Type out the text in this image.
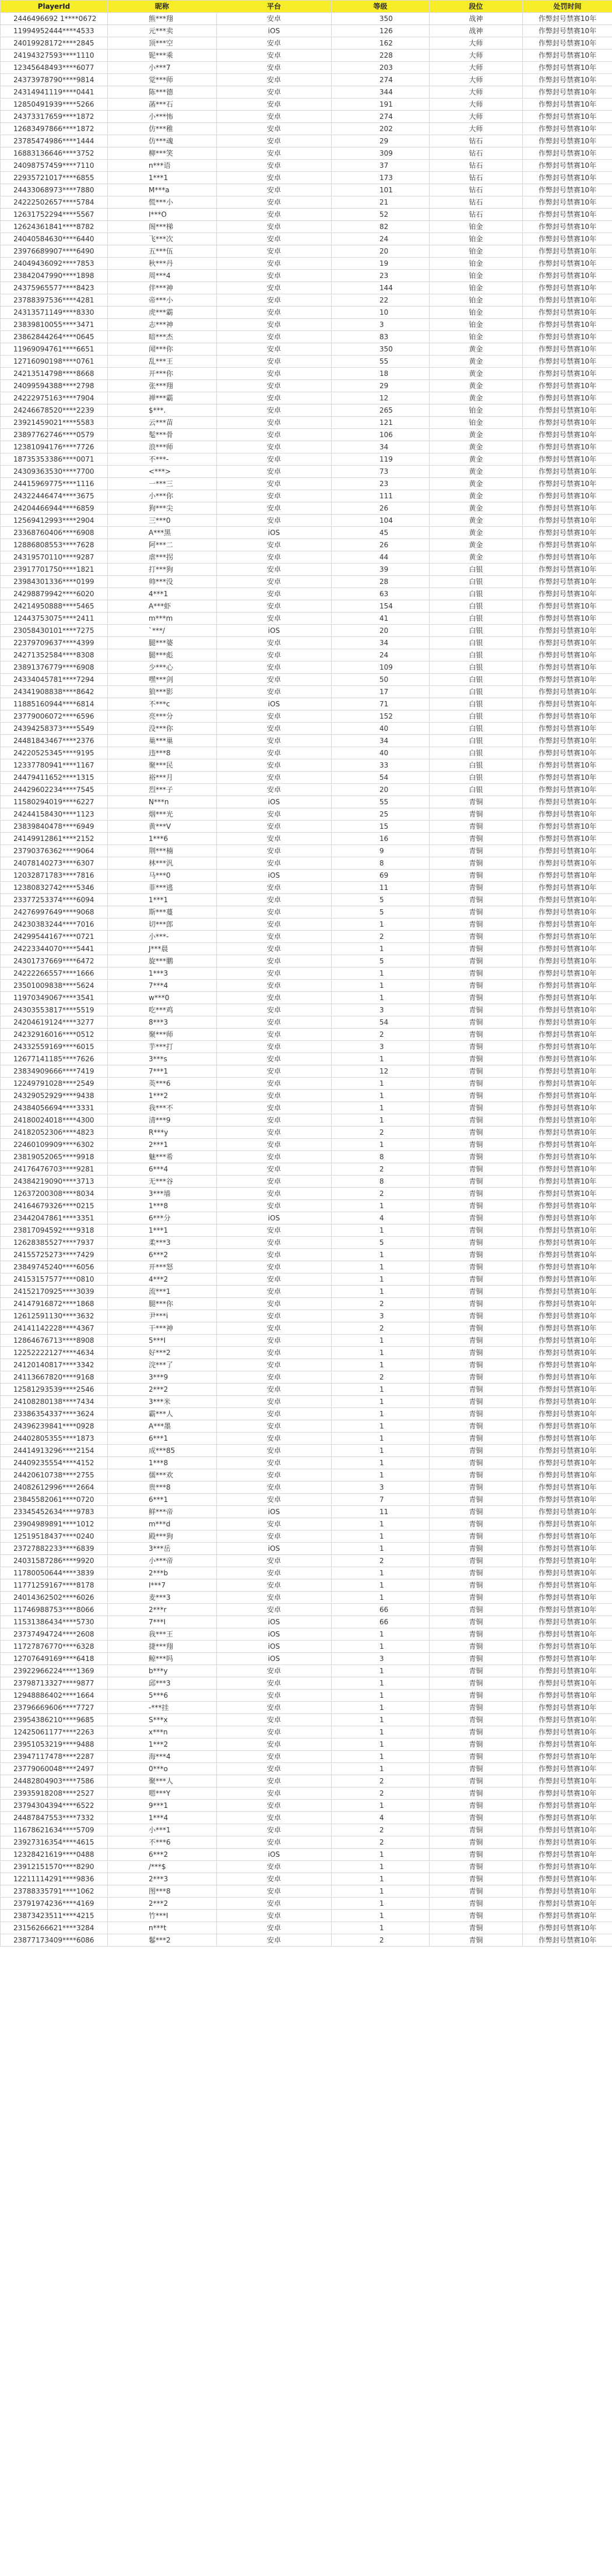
PlayerId	昵称	平台	等级	段位	处罚时间
2446496692 1****0672	熊***翔	安卓	350	战神	作弊封号禁赛10年
11994952444****4533	元***卖	iOS	126	战神	作弊封号禁赛10年
24019928172****2845	顶***空	安卓	162	大师	作弊封号禁赛10年
24194327593****1110	铌***乘	安卓	228	大师	作弊封号禁赛10年
12345648493****6077	小***7	安卓	203	大师	作弊封号禁赛10年
24373978790****9814	觉***师	安卓	274	大师	作弊封号禁赛10年
24314941119****0441	陈***德	安卓	344	大师	作弊封号禁赛10年
12850491939****5266	菡***石	安卓	191	大师	作弊封号禁赛10年
24373317659****1872	小***怖	安卓	274	大师	作弊封号禁赛10年
12683497866****1872	仿***稚	安卓	202	大师	作弊封号禁赛10年
23785474986****1444	仿***魂	安卓	29	钻石	作弊封号禁赛10年
16883136646****3752	柳***笑	安卓	309	钻石	作弊封号禁赛10年
24098757459****7110	n***语	安卓	37	钻石	作弊封号禁赛10年
22935721017****6855	1***1	安卓	173	钻石	作弊封号禁赛10年
24433068973****7880	M***a	安卓	101	钻石	作弊封号禁赛10年
24222502657****5784	慌***小	安卓	21	钻石	作弊封号禁赛10年
12631752294****5567	I***O	安卓	52	钻石	作弊封号禁赛10年
12624361841****8782	阁***梯	安卓	82	铂金	作弊封号禁赛10年
24040584630****6440	飞***次	安卓	24	铂金	作弊封号禁赛10年
23976689907****6490	五***伍	安卓	20	铂金	作弊封号禁赛10年
24049436092****7853	秋***丹	安卓	19	铂金	作弊封号禁赛10年
23842047990****1898	周***4	安卓	23	铂金	作弊封号禁赛10年
24375965577****8423	伴***神	安卓	144	铂金	作弊封号禁赛10年
23788397536****4281	帝***小	安卓	22	铂金	作弊封号禁赛10年
24313571149****8330	虎***霸	安卓	10	铂金	作弊封号禁赛10年
23839810055****3471	志***神	安卓	3	铂金	作弊封号禁赛10年
23862844264****0645	暗***杰	安卓	83	铂金	作弊封号禁赛10年
11969094761****6651	闻***你	安卓	350	黄金	作弊封号禁赛10年
12716090198****0761	乱***王	安卓	55	黄金	作弊封号禁赛10年
24213514798****8668	开***你	安卓	18	黄金	作弊封号禁赛10年
24099594388****2798	张***翔	安卓	29	黄金	作弊封号禁赛10年
24222975163****7904	禅***霸	安卓	12	黄金	作弊封号禁赛10年
24246678520****2239	$***.	安卓	265	铂金	作弊封号禁赛10年
23921459021****5583	云***苗	安卓	121	铂金	作弊封号禁赛10年
23897762746****0579	髦***骨	安卓	106	黄金	作弊封号禁赛10年
12381094176****7726	浪***师	安卓	34	黄金	作弊封号禁赛10年
18735353386****0071	不***-	安卓	119	黄金	作弊封号禁赛10年
24309363530****7700	<***>	安卓	73	黄金	作弊封号禁赛10年
24415969775****1116	一***三	安卓	23	黄金	作弊封号禁赛10年
24322446474****3675	小***你	安卓	111	黄金	作弊封号禁赛10年
24204466944****6859	狗***尖	安卓	26	黄金	作弊封号禁赛10年
12569412993****2904	三***0	安卓	104	黄金	作弊封号禁赛10年
23368760406****6908	A***黑	iOS	45	黄金	作弊封号禁赛10年
12886808553****7628	阿***二	安卓	26	黄金	作弊封号禁赛10年
24319570110****9287	虐***拐	安卓	44	黄金	作弊封号禁赛10年
23917701750****1821	打***狗	安卓	39	白银	作弊封号禁赛10年
23984301336****0199	帅***没	安卓	28	白银	作弊封号禁赛10年
24298879942****6020	4***1	安卓	63	白银	作弊封号禁赛10年
24214950888****5465	A***虾	安卓	154	白银	作弊封号禁赛10年
12443753075****2411	m***m	安卓	41	白银	作弊封号禁赛10年
23058430101****7275	`***/	iOS	20	白银	作弊封号禁赛10年
22379709637****4399	腿***婆	安卓	34	白银	作弊封号禁赛10年
24271352584****8308	腿***彪	安卓	24	白银	作弊封号禁赛10年
23891376779****6908	少***心	安卓	109	白银	作弊封号禁赛10年
24334045781****7294	嘿***剑	安卓	50	白银	作弊封号禁赛10年
24341908838****8642	狼***影	安卓	17	白银	作弊封号禁赛10年
11885160944****6814	不***c	iOS	71	白银	作弊封号禁赛10年
23779006072****6596	亮***分	安卓	152	白银	作弊封号禁赛10年
24394258373****5549	没***你	安卓	40	白银	作弊封号禁赛10年
24481843467****2376	巢***巢	安卓	34	白银	作弊封号禁赛10年
24220525345****9195	违***8	安卓	40	白银	作弊封号禁赛10年
12337780941****1167	聚***民	安卓	33	白银	作弊封号禁赛10年
24479411652****1315	裕***月	安卓	54	白银	作弊封号禁赛10年
24429602234****7545	烈***子	安卓	20	白银	作弊封号禁赛10年
11580294019****6227	N***n	iOS	55	青铜	作弊封号禁赛10年
24244158430****1123	烟***光	安卓	25	青铜	作弊封号禁赛10年
23839840478****6949	黄***V	安卓	15	青铜	作弊封号禁赛10年
24149912861****2152	1***6	安卓	16	青铜	作弊封号禁赛10年
23790376362****9064	荆***楠	安卓	9	青铜	作弊封号禁赛10年
24078140273****6307	林***汎	安卓	8	青铜	作弊封号禁赛10年
12032871783****7816	马***0	iOS	69	青铜	作弊封号禁赛10年
12380832742****5346	菲***逃	安卓	11	青铜	作弊封号禁赛10年
23377253374****6094	1***1	安卓	5	青铜	作弊封号禁赛10年
24276997649****9068	斯***蔓	安卓	5	青铜	作弊封号禁赛10年
24230383244****7016	切***郎	安卓	1	青铜	作弊封号禁赛10年
24299544167****0721	小***-	安卓	2	青铜	作弊封号禁赛10年
24223344070****5441	J***晨	安卓	1	青铜	作弊封号禁赛10年
24301737669****6472	旋***鹏	安卓	5	青铜	作弊封号禁赛10年
24222266557****1666	1***3	安卓	1	青铜	作弊封号禁赛10年
23501009838****5624	7***4	安卓	1	青铜	作弊封号禁赛10年
11970349067****3541	w***0	安卓	1	青铜	作弊封号禁赛10年
24303553817****5519	吃***鸡	安卓	3	青铜	作弊封号禁赛10年
24204619124****3277	8***3	安卓	54	青铜	作弊封号禁赛10年
24232916016****0512	聚***师	安卓	2	青铜	作弊封号禁赛10年
24332559169****6015	芋***打	安卓	3	青铜	作弊封号禁赛10年
12677141185****7626	3***s	安卓	1	青铜	作弊封号禁赛10年
23834909666****7419	7***1	安卓	12	青铜	作弊封号禁赛10年
12249791028****2549	英***6	安卓	1	青铜	作弊封号禁赛10年
24329052929****9438	1***2	安卓	1	青铜	作弊封号禁赛10年
24384056694****3331	我***不	安卓	1	青铜	作弊封号禁赛10年
24180024018****4300	清***9	安卓	1	青铜	作弊封号禁赛10年
24182052306****4823	R***y	安卓	2	青铜	作弊封号禁赛10年
22460109909****6302	2***1	安卓	1	青铜	作弊封号禁赛10年
23819052065****9918	魅***希	安卓	8	青铜	作弊封号禁赛10年
24176476703****9281	6***4	安卓	2	青铜	作弊封号禁赛10年
24384219090****3713	无***谷	安卓	8	青铜	作弊封号禁赛10年
12637200308****8034	3***墙	安卓	2	青铜	作弊封号禁赛10年
24164679326****0215	1***8	安卓	1	青铜	作弊封号禁赛10年
23442047861****3351	6***分	iOS	4	青铜	作弊封号禁赛10年
23817094592****9318	1***1	安卓	1	青铜	作弊封号禁赛10年
12628385527****7937	柔***3	安卓	5	青铜	作弊封号禁赛10年
24155725273****7429	6***2	安卓	1	青铜	作弊封号禁赛10年
23849745240****6056	开***怒	安卓	1	青铜	作弊封号禁赛10年
24153157577****0810	4***2	安卓	1	青铜	作弊封号禁赛10年
24152170925****3039	流***1	安卓	1	青铜	作弊封号禁赛10年
24147916872****1868	腿***你	安卓	2	青铜	作弊封号禁赛10年
12612591130****3632	尹***i	安卓	3	青铜	作弊封号禁赛10年
24141142228****4367	干***神	安卓	2	青铜	作弊封号禁赛10年
12864676713****8908	5***I	安卓	1	青铜	作弊封号禁赛10年
12252222127****4634	好***2	安卓	1	青铜	作弊封号禁赛10年
24120140817****3342	浣***了	安卓	1	青铜	作弊封号禁赛10年
24113667820****9168	3***9	安卓	2	青铜	作弊封号禁赛10年
12581293539****2546	2***2	安卓	1	青铜	作弊封号禁赛10年
24108280138****7434	3***米	安卓	1	青铜	作弊封号禁赛10年
23386354337****3624	霸***人	安卓	1	青铜	作弊封号禁赛10年
24396239841****0928	A***墨	安卓	1	青铜	作弊封号禁赛10年
24402805355****1873	6***1	安卓	1	青铜	作弊封号禁赛10年
24414913296****2154	成***85	安卓	1	青铜	作弊封号禁赛10年
24409235554****4152	1***8	安卓	1	青铜	作弊封号禁赛10年
24420610738****2755	儒***欢	安卓	1	青铜	作弊封号禁赛10年
24082612996****2664	贵***8	安卓	3	青铜	作弊封号禁赛10年
23845582061****0720	6***1	安卓	7	青铜	作弊封号禁赛10年
23345452634****9783	鲜***帝	iOS	11	青铜	作弊封号禁赛10年
23904989891****1012	m***d	安卓	1	青铜	作弊封号禁赛10年
12519518437****0240	殿***狗	安卓	1	青铜	作弊封号禁赛10年
23727882233****6839	3***岳	iOS	1	青铜	作弊封号禁赛10年
24031587286****9920	小***帝	安卓	2	青铜	作弊封号禁赛10年
11780050644****3839	2***b	安卓	1	青铜	作弊封号禁赛10年
11771259167****8178	I***7	安卓	1	青铜	作弊封号禁赛10年
24014362502****6026	麦***3	安卓	1	青铜	作弊封号禁赛10年
11746988753****8066	2***r	安卓	66	青铜	作弊封号禁赛10年
11531386434****5730	7***I	iOS	66	青铜	作弊封号禁赛10年
23737494724****2608	我***王	iOS	1	青铜	作弊封号禁赛10年
11727876770****6328	捷***翔	iOS	1	青铜	作弊封号禁赛10年
12707649169****6418	鲸***吗	iOS	3	青铜	作弊封号禁赛10年
23922966224****1369	b***y	安卓	1	青铜	作弊封号禁赛10年
23798713327****9877	邱***3	安卓	1	青铜	作弊封号禁赛10年
12948886402****1664	5***6	安卓	1	青铜	作弊封号禁赛10年
23796669606****7727	-***挂	安卓	1	青铜	作弊封号禁赛10年
23954386210****9685	S***x	安卓	1	青铜	作弊封号禁赛10年
12425061177****2263	x***n	安卓	1	青铜	作弊封号禁赛10年
23951053219****9488	1***2	安卓	1	青铜	作弊封号禁赛10年
23947117478****2287	海***4	安卓	1	青铜	作弊封号禁赛10年
23779060048****2497	0***o	安卓	1	青铜	作弊封号禁赛10年
24482804903****7586	聚***人	安卓	2	青铜	作弊封号禁赛10年
23935918208****2527	嗯***Y	安卓	2	青铜	作弊封号禁赛10年
23794304394****6522	9***1	安卓	1	青铜	作弊封号禁赛10年
24487847553****7332	1***4	安卓	4	青铜	作弊封号禁赛10年
11678621634****5709	小***1	安卓	2	青铜	作弊封号禁赛10年
23927316354****4615	不***6	安卓	2	青铜	作弊封号禁赛10年
12328421619****0488	6***2	iOS	1	青铜	作弊封号禁赛10年
23912151570****8290	/***$	安卓	1	青铜	作弊封号禁赛10年
12211114291****9836	2***3	安卓	1	青铜	作弊封号禁赛10年
23788335791****1062	图***8	安卓	1	青铜	作弊封号禁赛10年
23791974236****4169	2***2	安卓	1	青铜	作弊封号禁赛10年
23873423511****4215	竹***I	安卓	1	青铜	作弊封号禁赛10年
23156266621****3284	n***t	安卓	1	青铜	作弊封号禁赛10年
23877173409****6086	鬈***2	安卓	2	青铜	作弊封号禁赛10年
